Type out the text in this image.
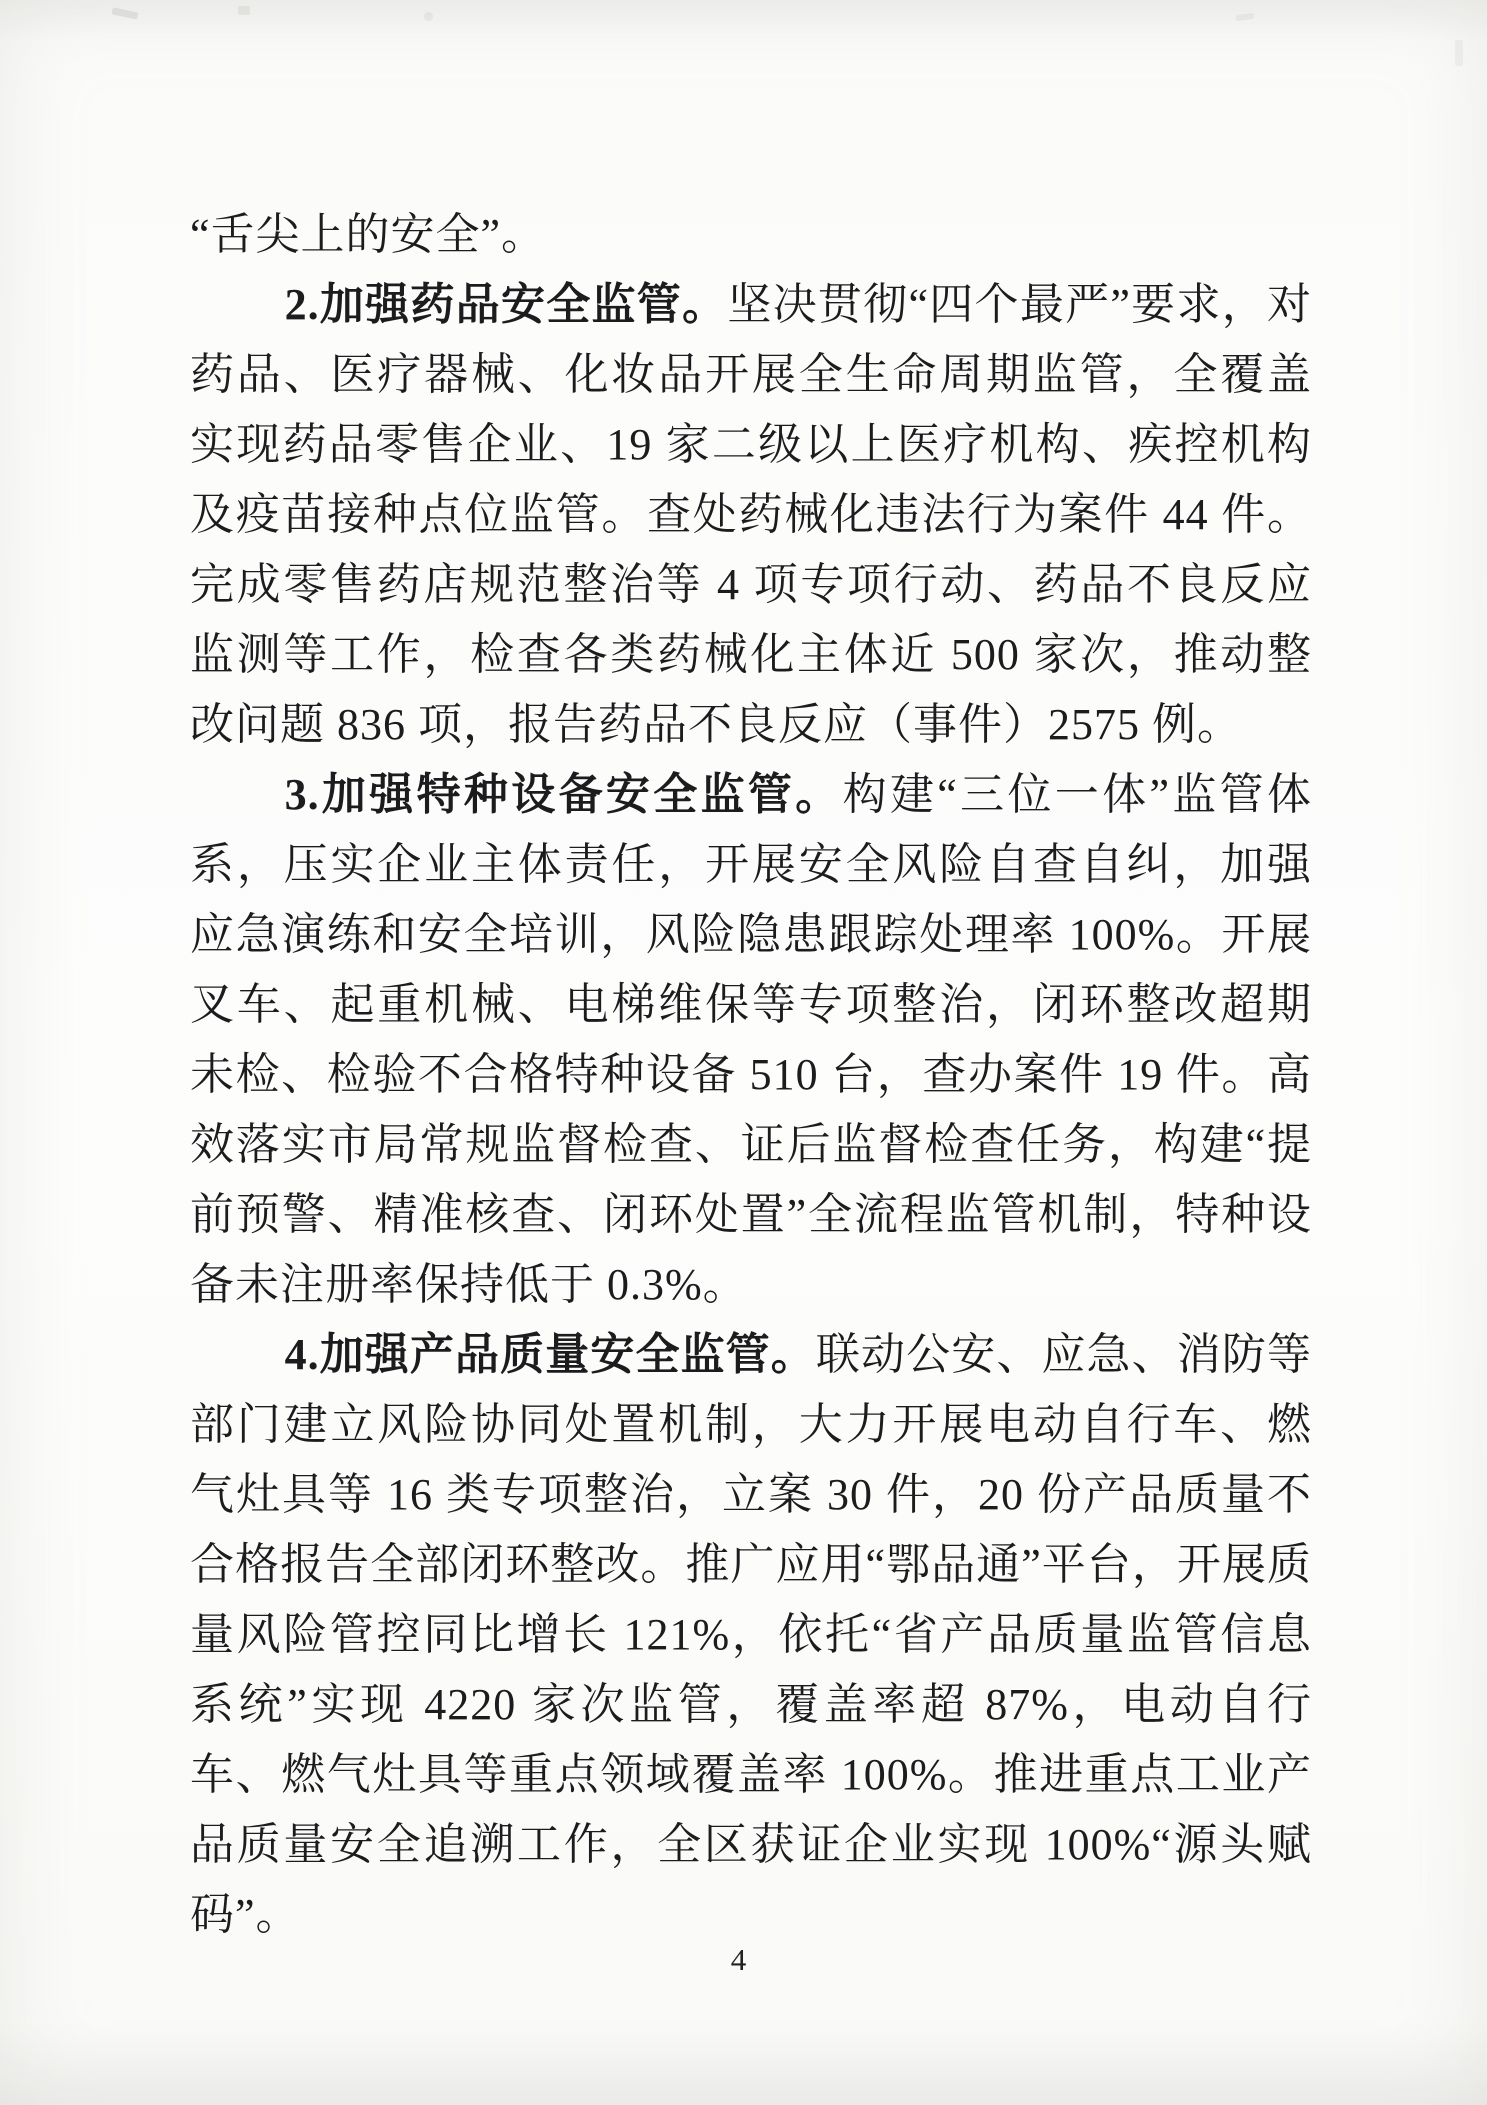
“舌尖上的安全”。

2.加强药品安全监管。坚决贯彻“四个最严”要求，对药品、医疗器械、化妆品开展全生命周期监管，全覆盖实现药品零售企业、19 家二级以上医疗机构、疾控机构及疫苗接种点位监管。查处药械化违法行为案件 44 件。完成零售药店规范整治等 4 项专项行动、药品不良反应监测等工作，检查各类药械化主体近 500 家次，推动整改问题 836 项，报告药品不良反应（事件）2575 例。

3.加强特种设备安全监管。构建“三位一体”监管体系，压实企业主体责任，开展安全风险自查自纠，加强应急演练和安全培训，风险隐患跟踪处理率 100%。开展叉车、起重机械、电梯维保等专项整治，闭环整改超期未检、检验不合格特种设备 510 台，查办案件 19 件。高效落实市局常规监督检查、证后监督检查任务，构建“提前预警、精准核查、闭环处置”全流程监管机制，特种设备未注册率保持低于 0.3%。

4.加强产品质量安全监管。联动公安、应急、消防等部门建立风险协同处置机制，大力开展电动自行车、燃气灶具等 16 类专项整治，立案 30 件，20 份产品质量不合格报告全部闭环整改。推广应用“鄂品通”平台，开展质量风险管控同比增长 121%，依托“省产品质量监管信息系统”实现 4220 家次监管，覆盖率超 87%，电动自行车、燃气灶具等重点领域覆盖率 100%。推进重点工业产品质量安全追溯工作，全区获证企业实现 100%“源头赋码”。

4
